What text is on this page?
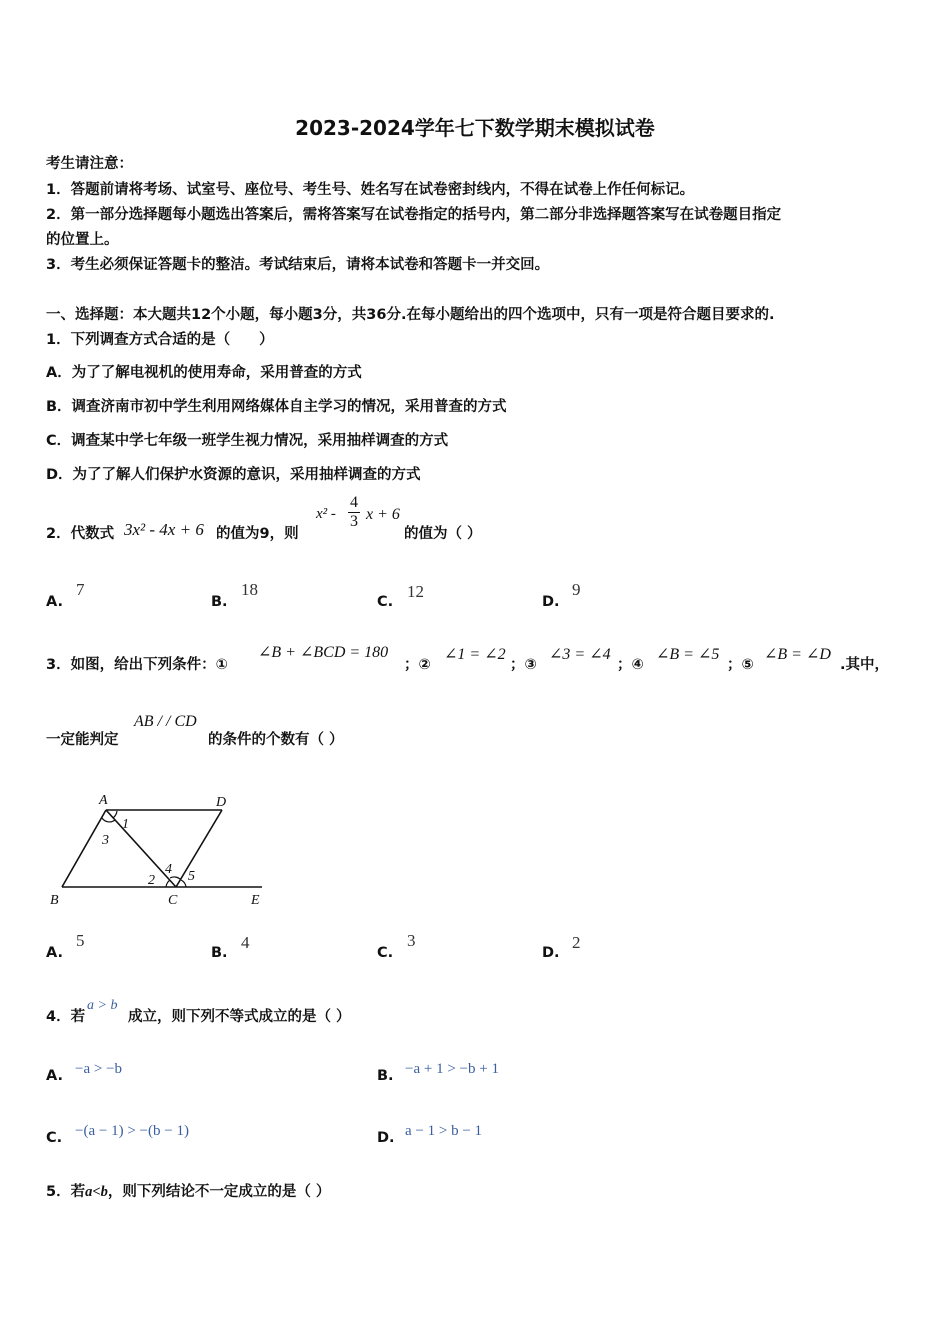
2023-2024学年七下数学期末模拟试卷
考生请注意：
1．答题前请将考场、试室号、座位号、考生号、姓名写在试卷密封线内，不得在试卷上作任何标记。
2．第一部分选择题每小题选出答案后，需将答案写在试卷指定的括号内，第二部分非选择题答案写在试卷题目指定
的位置上。
3．考生必须保证答题卡的整洁。考试结束后，请将本试卷和答题卡一并交回。
一、选择题：本大题共12个小题，每小题3分，共36分.在每小题给出的四个选项中，只有一项是符合题目要求的.
1．下列调查方式合适的是（　　）
A．为了了解电视机的使用寿命，采用普查的方式
B．调查济南市初中学生利用网络媒体自主学习的情况，采用普查的方式
C．调查某中学七年级一班学生视力情况，采用抽样调查的方式
D．为了了解人们保护水资源的意识，采用抽样调查的方式
2．代数式 3x² - 4x + 6 的值为9，则
$x^2 - \frac{4}{3}$ x + 6
的值为（ ）
A.
7
B.
18
C.
12
D.
9
3．如图，给出下列条件：①
∠B + ∠BCD = 180
；②
∠1 = ∠2
；③
∠3 = ∠4
；④
∠B = ∠5
；⑤
∠B = ∠D
.其中，
一定能判定
AB / / CD
的条件的个数有（ ）
A	D
B	C	E
1
3
2
4 5
A.
5
B.
4
C.
3
D.
2
4．若
a > b
成立，则下列不等式成立的是（ ）
A. −a > −b	B. −a + 1 > −b + 1
C. −(a − 1) > −(b − 1)	D. a − 1 > b − 1
5．若a<b，则下列结论不一定成立的是（ ）
